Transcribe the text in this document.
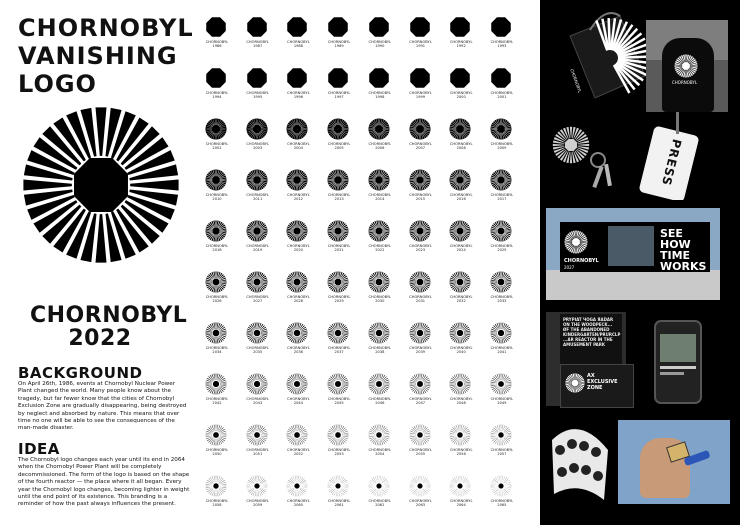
CHORNOBYL
VANISHING
LOGO
CHORNOBYL
2022
BACKGROUND
On April 26th, 1986, events at Chornobyl Nuclear Power Plant changed the world. Many people know about the tragedy, but far fewer know that the cities of Chornobyl Exclusion Zone are gradually disappearing, being destroyed by neglect and absorbed by nature. This means that over time no one will be able to see the consequences of the man-made disaster.
IDEA
The Chornobyl logo changes each year until its end in 2064 when the Chornobyl Power Plant will be completely decommissioned. The form of the logo is based on the shape of the fourth reactor — the place where it all began. Every year the Chornobyl logo changes, becoming lighter in weight until the end point of its existence. This branding is a reminder of how the past always influences the present.
CHORNOBYL
1986
CHORNOBYL
1987
CHORNOBYL
1988
CHORNOBYL
1989
CHORNOBYL
1990
CHORNOBYL
1991
CHORNOBYL
1992
CHORNOBYL
1993
CHORNOBYL
1994
CHORNOBYL
1995
CHORNOBYL
1996
CHORNOBYL
1997
CHORNOBYL
1998
CHORNOBYL
1999
CHORNOBYL
2000
CHORNOBYL
2001
CHORNOBYL
2002
CHORNOBYL
2003
CHORNOBYL
2004
CHORNOBYL
2005
CHORNOBYL
2006
CHORNOBYL
2007
CHORNOBYL
2008
CHORNOBYL
2009
CHORNOBYL
2010
CHORNOBYL
2011
CHORNOBYL
2012
CHORNOBYL
2013
CHORNOBYL
2014
CHORNOBYL
2015
CHORNOBYL
2016
CHORNOBYL
2017
CHORNOBYL
2018
CHORNOBYL
2019
CHORNOBYL
2020
CHORNOBYL
2021
CHORNOBYL
2022
CHORNOBYL
2023
CHORNOBYL
2024
CHORNOBYL
2025
CHORNOBYL
2026
CHORNOBYL
2027
CHORNOBYL
2028
CHORNOBYL
2029
CHORNOBYL
2030
CHORNOBYL
2031
CHORNOBYL
2032
CHORNOBYL
2033
CHORNOBYL
2034
CHORNOBYL
2035
CHORNOBYL
2036
CHORNOBYL
2037
CHORNOBYL
2038
CHORNOBYL
2039
CHORNOBYL
2040
CHORNOBYL
2041
CHORNOBYL
2042
CHORNOBYL
2043
CHORNOBYL
2044
CHORNOBYL
2045
CHORNOBYL
2046
CHORNOBYL
2047
CHORNOBYL
2048
CHORNOBYL
2049
CHORNOBYL
2050
CHORNOBYL
2051
CHORNOBYL
2052
CHORNOBYL
2053
CHORNOBYL
2054
CHORNOBYL
2055
CHORNOBYL
2056
CHORNOBYL
2057
CHORNOBYL
2058
CHORNOBYL
2059
CHORNOBYL
2060
CHORNOBYL
2061
CHORNOBYL
2062
CHORNOBYL
2063
CHORNOBYL
2064
CHORNOBYL
2065
CHORNOBYL	CHORNOBYL
PRESS
SEE HOW
TIME
WORKS
CHORNOBYL
2027
PRYPIAT ЧОGA ЯАDAR ON THE WOODPECK... ØF THE ABANDONED KINDERGARTEN/PRURCLP ...AR REACTOR IN THE AMUSEMENT PARK
AX
EXCLUSIVE
ZONE
